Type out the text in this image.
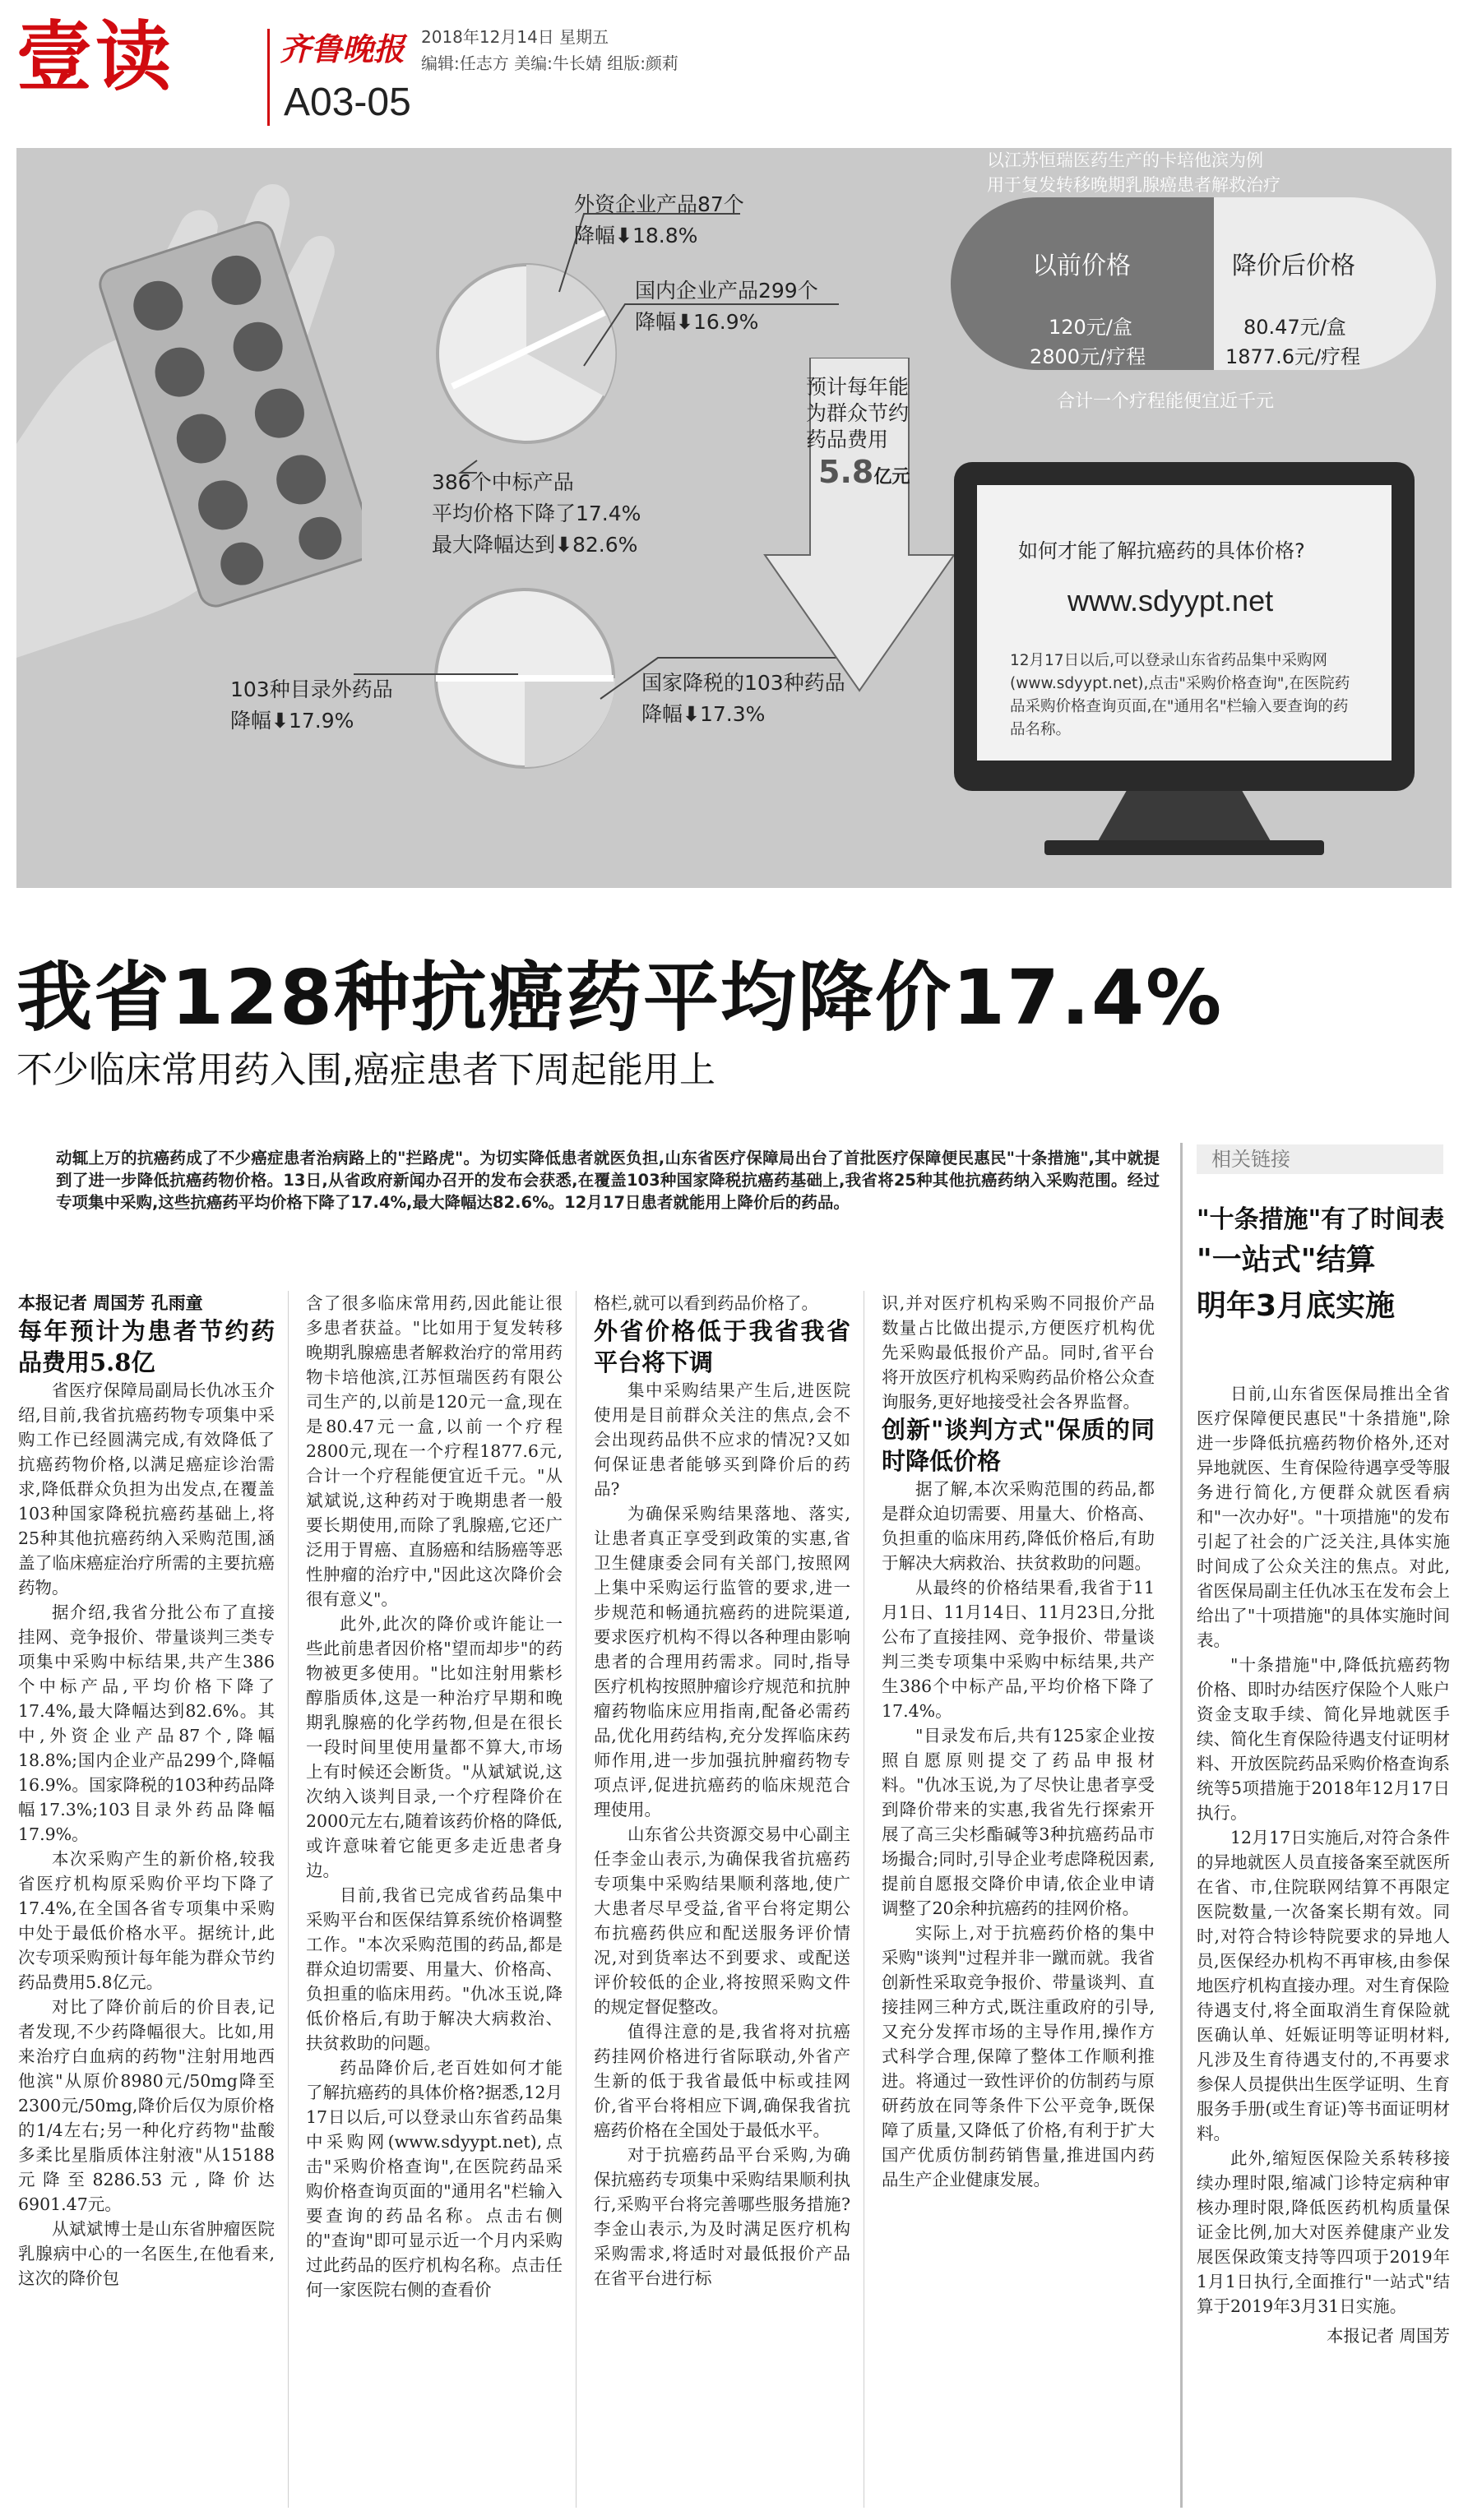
壹读	齐鲁晚报
A03-05
2018年12月14日 星期五
编辑:任志方 美编:牛长婧 组版:颜莉
外资企业产品87个
降幅⬇18.8%
国内企业产品299个
降幅⬇16.9%
386个中标产品
平均价格下降了17.4%
最大降幅达到⬇82.6%
103种目录外药品
降幅⬇17.9%
国家降税的103种药品
降幅⬇17.3%
预计每年能
为群众节约
药品费用
5.8亿元
以江苏恒瑞医药生产的卡培他滨为例
用于复发转移晚期乳腺癌患者解救治疗
以前价格	降价后价格
120元/盒
2800元/疗程
80.47元/盒
1877.6元/疗程
合计一个疗程能便宜近千元
如何才能了解抗癌药的具体价格?
www.sdyypt.net
12月17日以后,可以登录山东省药品集中采购网(www.sdyypt.net),点击"采购价格查询",在医院药品采购价格查询页面,在"通用名"栏输入要查询的药品名称。
我省128种抗癌药平均降价17.4%
不少临床常用药入围,癌症患者下周起能用上
动辄上万的抗癌药成了不少癌症患者治病路上的"拦路虎"。为切实降低患者就医负担,山东省医疗保障局出台了首批医疗保障便民惠民"十条措施",其中就提到了进一步降低抗癌药物价格。13日,从省政府新闻办召开的发布会获悉,在覆盖103种国家降税抗癌药基础上,我省将25种其他抗癌药纳入采购范围。经过专项集中采购,这些抗癌药平均价格下降了17.4%,最大降幅达82.6%。12月17日患者就能用上降价后的药品。
相关链接
"十条措施"有了时间表
"一站式"结算
明年3月底实施

日前,山东省医保局推出全省医疗保障便民惠民"十条措施",除进一步降低抗癌药物价格外,还对异地就医、生育保险待遇享受等服务进行简化,方便群众就医看病和"一次办好"。"十项措施"的发布引起了社会的广泛关注,具体实施时间成了公众关注的焦点。对此,省医保局副主任仇冰玉在发布会上给出了"十项措施"的具体实施时间表。

"十条措施"中,降低抗癌药物价格、即时办结医疗保险个人账户资金支取手续、简化异地就医手续、简化生育保险待遇支付证明材料、开放医院药品采购价格查询系统等5项措施于2018年12月17日执行。

12月17日实施后,对符合条件的异地就医人员直接备案至就医所在省、市,住院联网结算不再限定医院数量,一次备案长期有效。同时,对符合特诊特院要求的异地人员,医保经办机构不再审核,由参保地医疗机构直接办理。对生育保险待遇支付,将全面取消生育保险就医确认单、妊娠证明等证明材料,凡涉及生育待遇支付的,不再要求参保人员提供出生医学证明、生育服务手册(或生育证)等书面证明材料。

此外,缩短医保险关系转移接续办理时限,缩减门诊特定病种审核办理时限,降低医药机构质量保证金比例,加大对医养健康产业发展医保政策支持等四项于2019年1月1日执行,全面推行"一站式"结算于2019年3月31日实施。

本报记者 周国芳

本报记者 周国芳 孔雨童

每年预计为患者节约药品费用5.8亿

省医疗保障局副局长仇冰玉介绍,目前,我省抗癌药物专项集中采购工作已经圆满完成,有效降低了抗癌药物价格,以满足癌症诊治需求,降低群众负担为出发点,在覆盖103种国家降税抗癌药基础上,将25种其他抗癌药纳入采购范围,涵盖了临床癌症治疗所需的主要抗癌药物。

据介绍,我省分批公布了直接挂网、竞争报价、带量谈判三类专项集中采购中标结果,共产生386个中标产品,平均价格下降了17.4%,最大降幅达到82.6%。其中,外资企业产品87个,降幅18.8%;国内企业产品299个,降幅16.9%。国家降税的103种药品降幅17.3%;103目录外药品降幅17.9%。

本次采购产生的新价格,较我省医疗机构原采购价平均下降了17.4%,在全国各省专项集中采购中处于最低价格水平。据统计,此次专项采购预计每年能为群众节约药品费用5.8亿元。

对比了降价前后的价目表,记者发现,不少药降幅很大。比如,用来治疗白血病的药物"注射用地西他滨"从原价8980元/50mg降至2300元/50mg,降价后仅为原价格的1/4左右;另一种化疗药物"盐酸多柔比星脂质体注射液"从15188元降至8286.53元,降价达6901.47元。

从斌斌博士是山东省肿瘤医院乳腺病中心的一名医生,在他看来,这次的降价包

含了很多临床常用药,因此能让很多患者获益。"比如用于复发转移晚期乳腺癌患者解救治疗的常用药物卡培他滨,江苏恒瑞医药有限公司生产的,以前是120元一盒,现在是80.47元一盒,以前一个疗程2800元,现在一个疗程1877.6元,合计一个疗程能便宜近千元。"从斌斌说,这种药对于晚期患者一般要长期使用,而除了乳腺癌,它还广泛用于胃癌、直肠癌和结肠癌等恶性肿瘤的治疗中,"因此这次降价会很有意义"。

此外,此次的降价或许能让一些此前患者因价格"望而却步"的药物被更多使用。"比如注射用紫杉醇脂质体,这是一种治疗早期和晚期乳腺癌的化学药物,但是在很长一段时间里使用量都不算大,市场上有时候还会断货。"从斌斌说,这次纳入谈判目录,一个疗程降价在2000元左右,随着该药价格的降低,或许意味着它能更多走近患者身边。

目前,我省已完成省药品集中采购平台和医保结算系统价格调整工作。"本次采购范围的药品,都是群众迫切需要、用量大、价格高、负担重的临床用药。"仇冰玉说,降低价格后,有助于解决大病救治、扶贫救助的问题。

药品降价后,老百姓如何才能了解抗癌药的具体价格?据悉,12月17日以后,可以登录山东省药品集中采购网(www.sdyypt.net),点击"采购价格查询",在医院药品采购价格查询页面的"通用名"栏输入要查询的药品名称。点击右侧的"查询"即可显示近一个月内采购过此药品的医疗机构名称。点击任何一家医院右侧的查看价

格栏,就可以看到药品价格了。

外省价格低于我省我省平台将下调

集中采购结果产生后,进医院使用是目前群众关注的焦点,会不会出现药品供不应求的情况?又如何保证患者能够买到降价后的药品?

为确保采购结果落地、落实,让患者真正享受到政策的实惠,省卫生健康委会同有关部门,按照网上集中采购运行监管的要求,进一步规范和畅通抗癌药的进院渠道,要求医疗机构不得以各种理由影响患者的合理用药需求。同时,指导医疗机构按照肿瘤诊疗规范和抗肿瘤药物临床应用指南,配备必需药品,优化用药结构,充分发挥临床药师作用,进一步加强抗肿瘤药物专项点评,促进抗癌药的临床规范合理使用。

山东省公共资源交易中心副主任李金山表示,为确保我省抗癌药专项集中采购结果顺利落地,使广大患者尽早受益,省平台将定期公布抗癌药供应和配送服务评价情况,对到货率达不到要求、或配送评价较低的企业,将按照采购文件的规定督促整改。

值得注意的是,我省将对抗癌药挂网价格进行省际联动,外省产生新的低于我省最低中标或挂网价,省平台将相应下调,确保我省抗癌药价格在全国处于最低水平。

对于抗癌药品平台采购,为确保抗癌药专项集中采购结果顺利执行,采购平台将完善哪些服务措施?李金山表示,为及时满足医疗机构采购需求,将适时对最低报价产品在省平台进行标

识,并对医疗机构采购不同报价产品数量占比做出提示,方便医疗机构优先采购最低报价产品。同时,省平台将开放医疗机构采购药品价格公众查询服务,更好地接受社会各界监督。

创新"谈判方式"保质的同时降低价格

据了解,本次采购范围的药品,都是群众迫切需要、用量大、价格高、负担重的临床用药,降低价格后,有助于解决大病救治、扶贫救助的问题。

从最终的价格结果看,我省于11月1日、11月14日、11月23日,分批公布了直接挂网、竞争报价、带量谈判三类专项集中采购中标结果,共产生386个中标产品,平均价格下降了17.4%。

"目录发布后,共有125家企业按照自愿原则提交了药品申报材料。"仇冰玉说,为了尽快让患者享受到降价带来的实惠,我省先行探索开展了高三尖杉酯碱等3种抗癌药品市场撮合;同时,引导企业考虑降税因素,提前自愿报交降价申请,依企业申请调整了20余种抗癌药的挂网价格。

实际上,对于抗癌药价格的集中采购"谈判"过程并非一蹴而就。我省创新性采取竞争报价、带量谈判、直接挂网三种方式,既注重政府的引导,又充分发挥市场的主导作用,操作方式科学合理,保障了整体工作顺利推进。将通过一致性评价的仿制药与原研药放在同等条件下公平竞争,既保障了质量,又降低了价格,有利于扩大国产优质仿制药销售量,推进国内药品生产企业健康发展。
